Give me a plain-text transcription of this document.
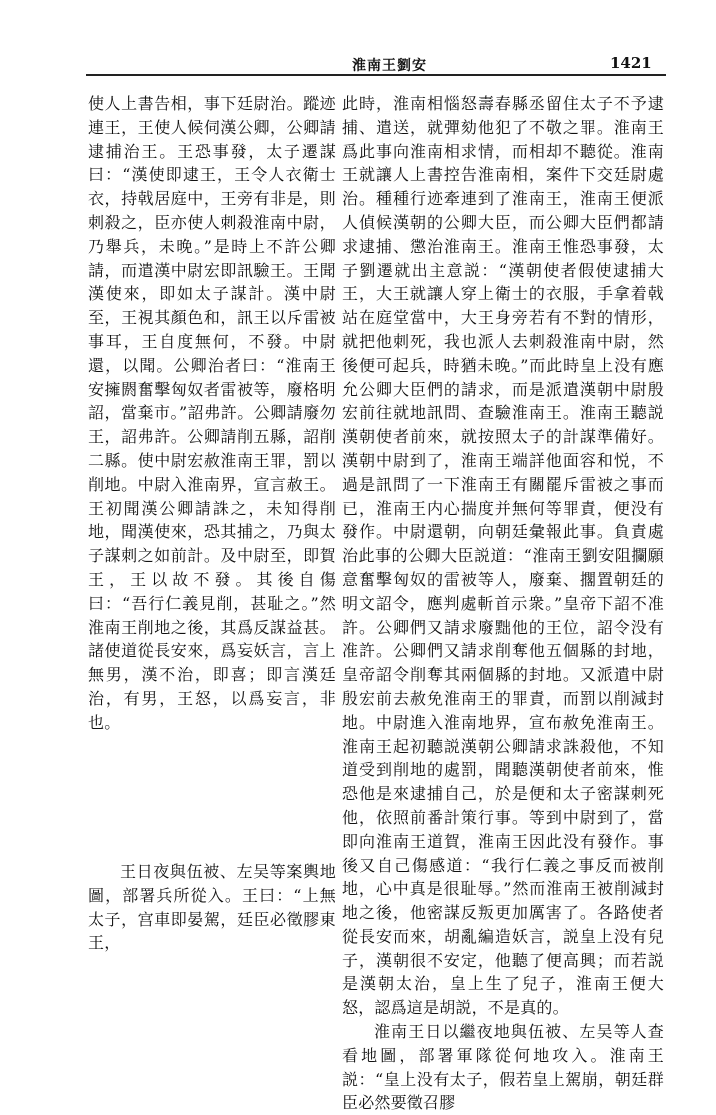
淮南王劉安	1421

使人上書告相，事下廷尉治。蹤迹連王，王使人候伺漢公卿，公卿請逮捕治王。王恐事發，太子遷謀曰：“漢使即逮王，王令人衣衛士衣，持戟居庭中，王旁有非是，則刺殺之，臣亦使人刺殺淮南中尉，乃舉兵，未晚。”是時上不許公卿請，而遣漢中尉宏即訊驗王。王聞漢使來，即如太子謀計。漢中尉至，王視其顏色和，訊王以斥雷被事耳，王自度無何，不發。中尉還，以聞。公卿治者曰：“淮南王安擁閼奮擊匈奴者雷被等，廢格明詔，當棄市。”詔弗許。公卿請廢勿王，詔弗許。公卿請削五縣，詔削二縣。使中尉宏赦淮南王罪，罰以削地。中尉入淮南界，宣言赦王。王初聞漢公卿請誅之，未知得削地，聞漢使來，恐其捕之，乃與太子謀刺之如前計。及中尉至，即賀王，王以故不發。其後自傷曰：“吾行仁義見削，甚耻之。”然淮南王削地之後，其爲反謀益甚。諸使道從長安來，爲妄妖言，言上無男，漢不治，即喜；即言漢廷治，有男，王怒，以爲妄言，非也。

王日夜與伍被、左吴等案輿地圖，部署兵所從入。王曰：“上無太子，宫車即晏駕，廷臣必徵膠東王，

此時，淮南相惱怒壽春縣丞留住太子不予逮捕、遣送，就彈劾他犯了不敬之罪。淮南王爲此事向淮南相求情，而相却不聽從。淮南王就讓人上書控告淮南相，案件下交廷尉處治。種種行迹牽連到了淮南王，淮南王便派人偵候漢朝的公卿大臣，而公卿大臣們都請求逮捕、懲治淮南王。淮南王惟恐事發，太子劉遷就出主意説：“漢朝使者假使逮捕大王，大王就讓人穿上衛士的衣服，手拿着戟站在庭堂當中，大王身旁若有不對的情形，就把他刺死，我也派人去刺殺淮南中尉，然後便可起兵，時猶未晚。”而此時皇上没有應允公卿大臣們的請求，而是派遣漢朝中尉殷宏前往就地訊問、查驗淮南王。淮南王聽説漢朝使者前來，就按照太子的計謀準備好。漢朝中尉到了，淮南王端詳他面容和悦，不過是訊問了一下淮南王有關罷斥雷被之事而已，淮南王内心揣度并無何等罪責，便没有發作。中尉還朝，向朝廷彙報此事。負責處治此事的公卿大臣説道：“淮南王劉安阻攔願意奮擊匈奴的雷被等人，廢棄、擱置朝廷的明文詔令，應判處斬首示衆。”皇帝下詔不准許。公卿們又請求廢黜他的王位，詔令没有准許。公卿們又請求削奪他五個縣的封地，皇帝詔令削奪其兩個縣的封地。又派遣中尉殷宏前去赦免淮南王的罪責，而罰以削減封地。中尉進入淮南地界，宣布赦免淮南王。淮南王起初聽説漢朝公卿請求誅殺他，不知道受到削地的處罰，聞聽漢朝使者前來，惟恐他是來逮捕自己，於是便和太子密謀刺死他，依照前番計策行事。等到中尉到了，當即向淮南王道賀，淮南王因此没有發作。事後又自己傷感道：“我行仁義之事反而被削地，心中真是很耻辱。”然而淮南王被削減封地之後，他密謀反叛更加厲害了。各路使者從長安而來，胡亂編造妖言，説皇上没有兒子，漢朝很不安定，他聽了便高興；而若説是漢朝太治，皇上生了兒子，淮南王便大怒，認爲這是胡説，不是真的。

淮南王日以繼夜地與伍被、左吴等人查看地圖，部署軍隊從何地攻入。淮南王説：“皇上没有太子，假若皇上駕崩，朝廷群臣必然要徵召膠
